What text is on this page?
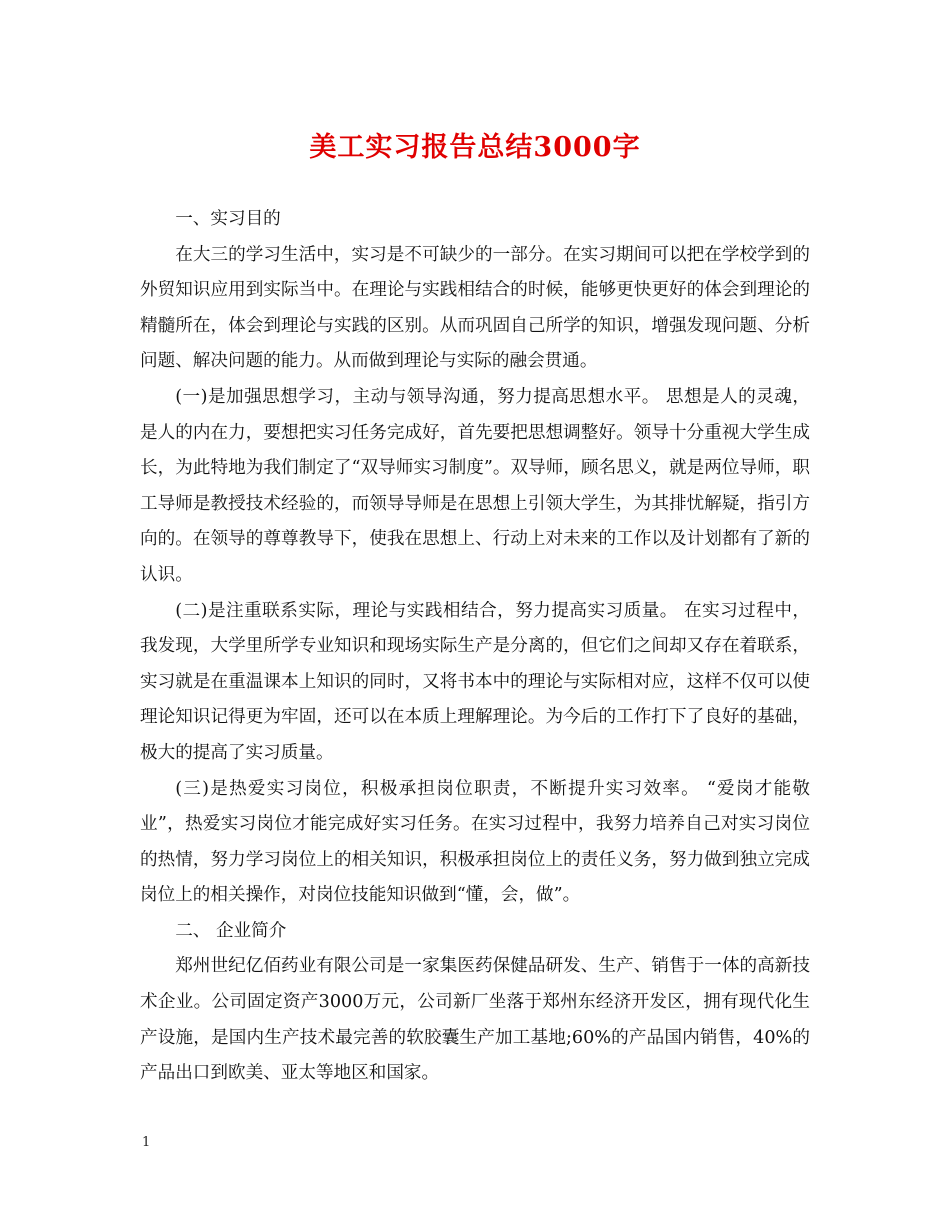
美工实习报告总结3000字

一、实习目的

在大三的学习生活中，实习是不可缺少的一部分。在实习期间可以把在学校学到的外贸知识应用到实际当中。在理论与实践相结合的时候，能够更快更好的体会到理论的精髓所在，体会到理论与实践的区别。从而巩固自己所学的知识，增强发现问题、分析问题、解决问题的能力。从而做到理论与实际的融会贯通。

(一)是加强思想学习，主动与领导沟通，努力提高思想水平。 思想是人的灵魂，是人的内在力，要想把实习任务完成好，首先要把思想调整好。领导十分重视大学生成长，为此特地为我们制定了“双导师实习制度”。双导师，顾名思义，就是两位导师，职工导师是教授技术经验的，而领导导师是在思想上引领大学生，为其排忧解疑，指引方向的。在领导的尊尊教导下，使我在思想上、行动上对未来的工作以及计划都有了新的认识。

(二)是注重联系实际，理论与实践相结合，努力提高实习质量。 在实习过程中，我发现，大学里所学专业知识和现场实际生产是分离的，但它们之间却又存在着联系，实习就是在重温课本上知识的同时，又将书本中的理论与实际相对应，这样不仅可以使理论知识记得更为牢固，还可以在本质上理解理论。为今后的工作打下了良好的基础，极大的提高了实习质量。

(三)是热爱实习岗位，积极承担岗位职责，不断提升实习效率。 “爱岗才能敬业”，热爱实习岗位才能完成好实习任务。在实习过程中，我努力培养自己对实习岗位的热情，努力学习岗位上的相关知识，积极承担岗位上的责任义务，努力做到独立完成岗位上的相关操作，对岗位技能知识做到“懂，会，做”。

二、 企业简介

郑州世纪亿佰药业有限公司是一家集医药保健品研发、生产、销售于一体的高新技术企业。公司固定资产3000万元，公司新厂坐落于郑州东经济开发区，拥有现代化生产设施，是国内生产技术最完善的软胶囊生产加工基地;60%的产品国内销售，40%的产品出口到欧美、亚太等地区和国家。

1
